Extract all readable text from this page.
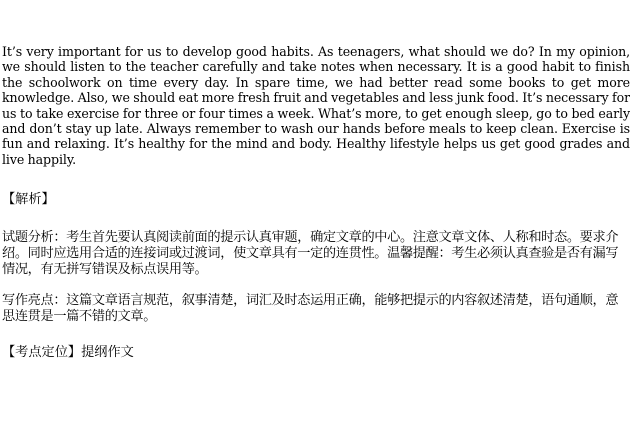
It’s very important for us to develop good habits. As teenagers, what should we do? In my opinion, we should listen to the teacher carefully and take notes when necessary. It is a good habit to finish the schoolwork on time every day. In spare time, we had better read some books to get more knowledge. Also, we should eat more fresh fruit and vegetables and less junk food. It’s necessary for us to take exercise for three or four times a week. What’s more, to get enough sleep, go to bed early and don’t stay up late. Always remember to wash our hands before meals to keep clean. Exercise is fun and relaxing. It’s healthy for the mind and body. Healthy lifestyle helps us get good grades and live happily.

【解析】

试题分析：考生首先要认真阅读前面的提示认真审题，确定文章的中心。注意文章文体、人称和时态。要求介绍。同时应选用合适的连接词或过渡词，使文章具有一定的连贯性。温馨提醒：考生必须认真查验是否有漏写情况，有无拼写错误及标点误用等。

写作亮点：这篇文章语言规范，叙事清楚，词汇及时态运用正确，能够把提示的内容叙述清楚，语句通顺，意思连贯是一篇不错的文章。

【考点定位】提纲作文
